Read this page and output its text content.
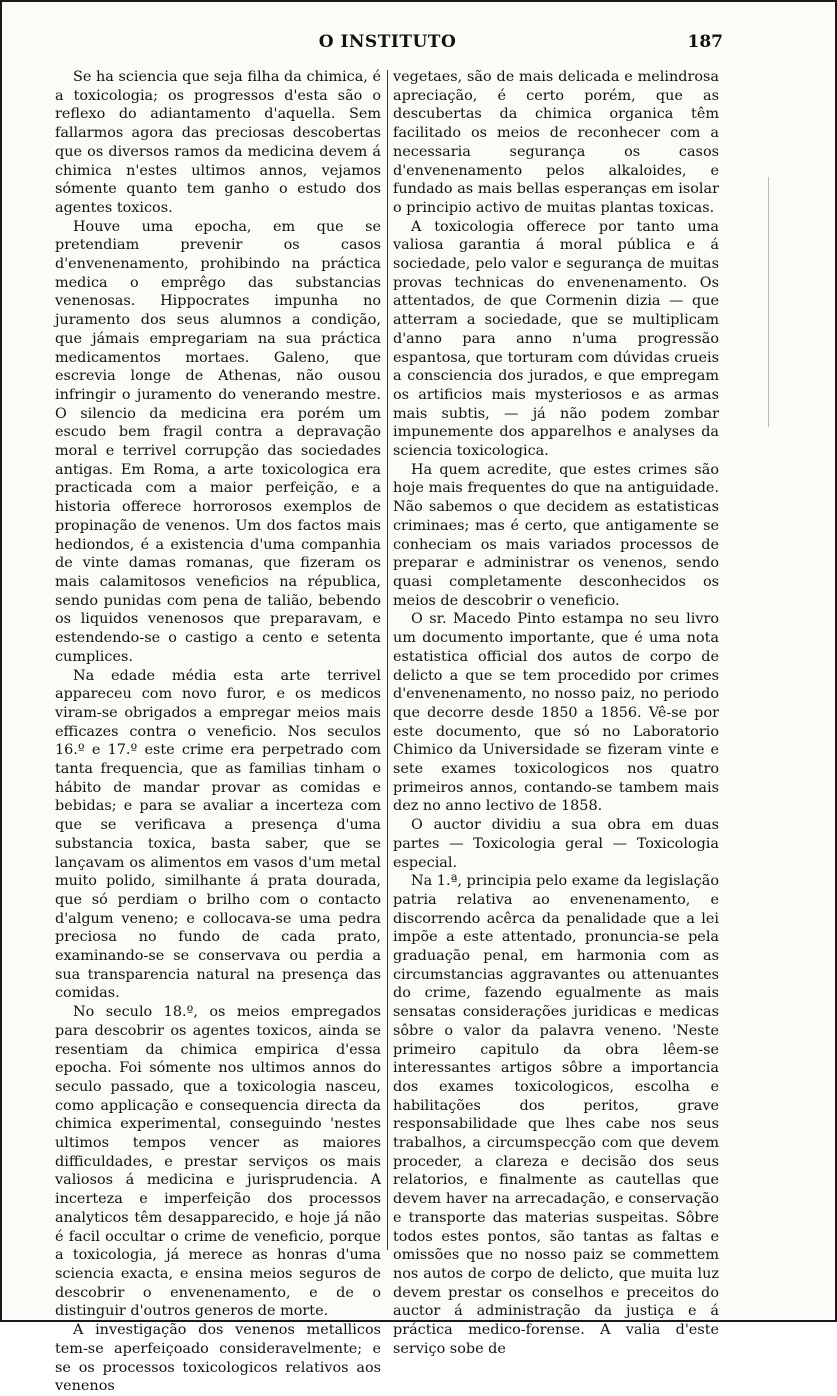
O INSTITUTO	187

Se ha sciencia que seja filha da chimica, é a toxicologia; os progressos d'esta são o reflexo do adiantamento d'aquella. Sem fallarmos agora das preciosas descobertas que os diversos ramos da medicina devem á chimica n'estes ultimos annos, vejamos sómente quanto tem ganho o estudo dos agentes toxicos.

Houve uma epocha, em que se pretendiam prevenir os casos d'envenenamento, prohibindo na práctica medica o emprêgo das substancias venenosas. Hippocrates impunha no juramento dos seus alumnos a condição, que jámais empregariam na sua práctica medicamentos mortaes. Galeno, que escrevia longe de Athenas, não ousou infringir o juramento do venerando mestre. O silencio da medicina era porém um escudo bem fragil contra a depravação moral e terrivel corrupção das sociedades antigas. Em Roma, a arte toxicologica era practicada com a maior perfeição, e a historia offerece horrorosos exemplos de propinação de venenos. Um dos factos mais hediondos, é a existencia d'uma companhia de vinte damas romanas, que fizeram os mais calamitosos veneficios na républica, sendo punidas com pena de talião, bebendo os liquidos venenosos que preparavam, e estendendo-se o castigo a cento e setenta cumplices.

Na edade média esta arte terrivel appareceu com novo furor, e os medicos viram-se obrigados a empregar meios mais efficazes contra o veneficio. Nos seculos 16.º e 17.º este crime era perpetrado com tanta frequencia, que as familias tinham o hábito de mandar provar as comidas e bebidas; e para se avaliar a incerteza com que se verificava a presença d'uma substancia toxica, basta saber, que se lançavam os alimentos em vasos d'um metal muito polido, similhante á prata dourada, que só perdiam o brilho com o contacto d'algum veneno; e collocava-se uma pedra preciosa no fundo de cada prato, examinando-se se conservava ou perdia a sua transparencia natural na presença das comidas.

No seculo 18.º, os meios empregados para descobrir os agentes toxicos, ainda se resentiam da chimica empirica d'essa epocha. Foi sómente nos ultimos annos do seculo passado, que a toxicologia nasceu, como applicação e consequencia directa da chimica experimental, conseguindo 'nestes ultimos tempos vencer as maiores difficuldades, e prestar serviços os mais valiosos á medicina e jurisprudencia. A incerteza e imperfeição dos processos analyticos têm desapparecido, e hoje já não é facil occultar o crime de veneficio, porque a toxicologia, já merece as honras d'uma sciencia exacta, e ensina meios seguros de descobrir o envenenamento, e de o distinguir d'outros generos de morte.

A investigação dos venenos metallicos tem-se aperfeiçoado consideravelmente; e se os processos toxicologicos relativos aos venenos

vegetaes, são de mais delicada e melindrosa apreciação, é certo porém, que as descubertas da chimica organica têm facilitado os meios de reconhecer com a necessaria segurança os casos d'envenenamento pelos alkaloides, e fundado as mais bellas esperanças em isolar o principio activo de muitas plantas toxicas.

A toxicologia offerece por tanto uma valiosa garantia á moral pública e á sociedade, pelo valor e segurança de muitas provas technicas do envenenamento. Os attentados, de que Cormenin dizia — que atterram a sociedade, que se multiplicam d'anno para anno n'uma progressão espantosa, que torturam com dúvidas crueis a consciencia dos jurados, e que empregam os artificios mais mysteriosos e as armas mais subtis, — já não podem zombar impunemente dos apparelhos e analyses da sciencia toxicologica.

Ha quem acredite, que estes crimes são hoje mais frequentes do que na antiguidade. Não sabemos o que decidem as estatisticas criminaes; mas é certo, que antigamente se conheciam os mais variados processos de preparar e administrar os venenos, sendo quasi completamente desconhecidos os meios de descobrir o veneficio.

O sr. Macedo Pinto estampa no seu livro um documento importante, que é uma nota estatistica official dos autos de corpo de delicto a que se tem procedido por crimes d'envenenamento, no nosso paiz, no periodo que decorre desde 1850 a 1856. Vê-se por este documento, que só no Laboratorio Chimico da Universidade se fizeram vinte e sete exames toxicologicos nos quatro primeiros annos, contando-se tambem mais dez no anno lectivo de 1858.

O auctor dividiu a sua obra em duas partes — Toxicologia geral — Toxicologia especial.

Na 1.ª, principia pelo exame da legislação patria relativa ao envenenamento, e discorrendo acêrca da penalidade que a lei impõe a este attentado, pronuncia-se pela graduação penal, em harmonia com as circumstancias aggravantes ou attenuantes do crime, fazendo egualmente as mais sensatas considerações juridicas e medicas sôbre o valor da palavra veneno. 'Neste primeiro capitulo da obra lêem-se interessantes artigos sôbre a importancia dos exames toxicologicos, escolha e habilitações dos peritos, grave responsabilidade que lhes cabe nos seus trabalhos, a circumspecção com que devem proceder, a clareza e decisão dos seus relatorios, e finalmente as cautellas que devem haver na arrecadação, e conservação e transporte das materias suspeitas. Sôbre todos estes pontos, são tantas as faltas e omissões que no nosso paiz se commettem nos autos de corpo de delicto, que muita luz devem prestar os conselhos e preceitos do auctor á administração da justiça e á práctica medico-forense. A valia d'este serviço sobe de
